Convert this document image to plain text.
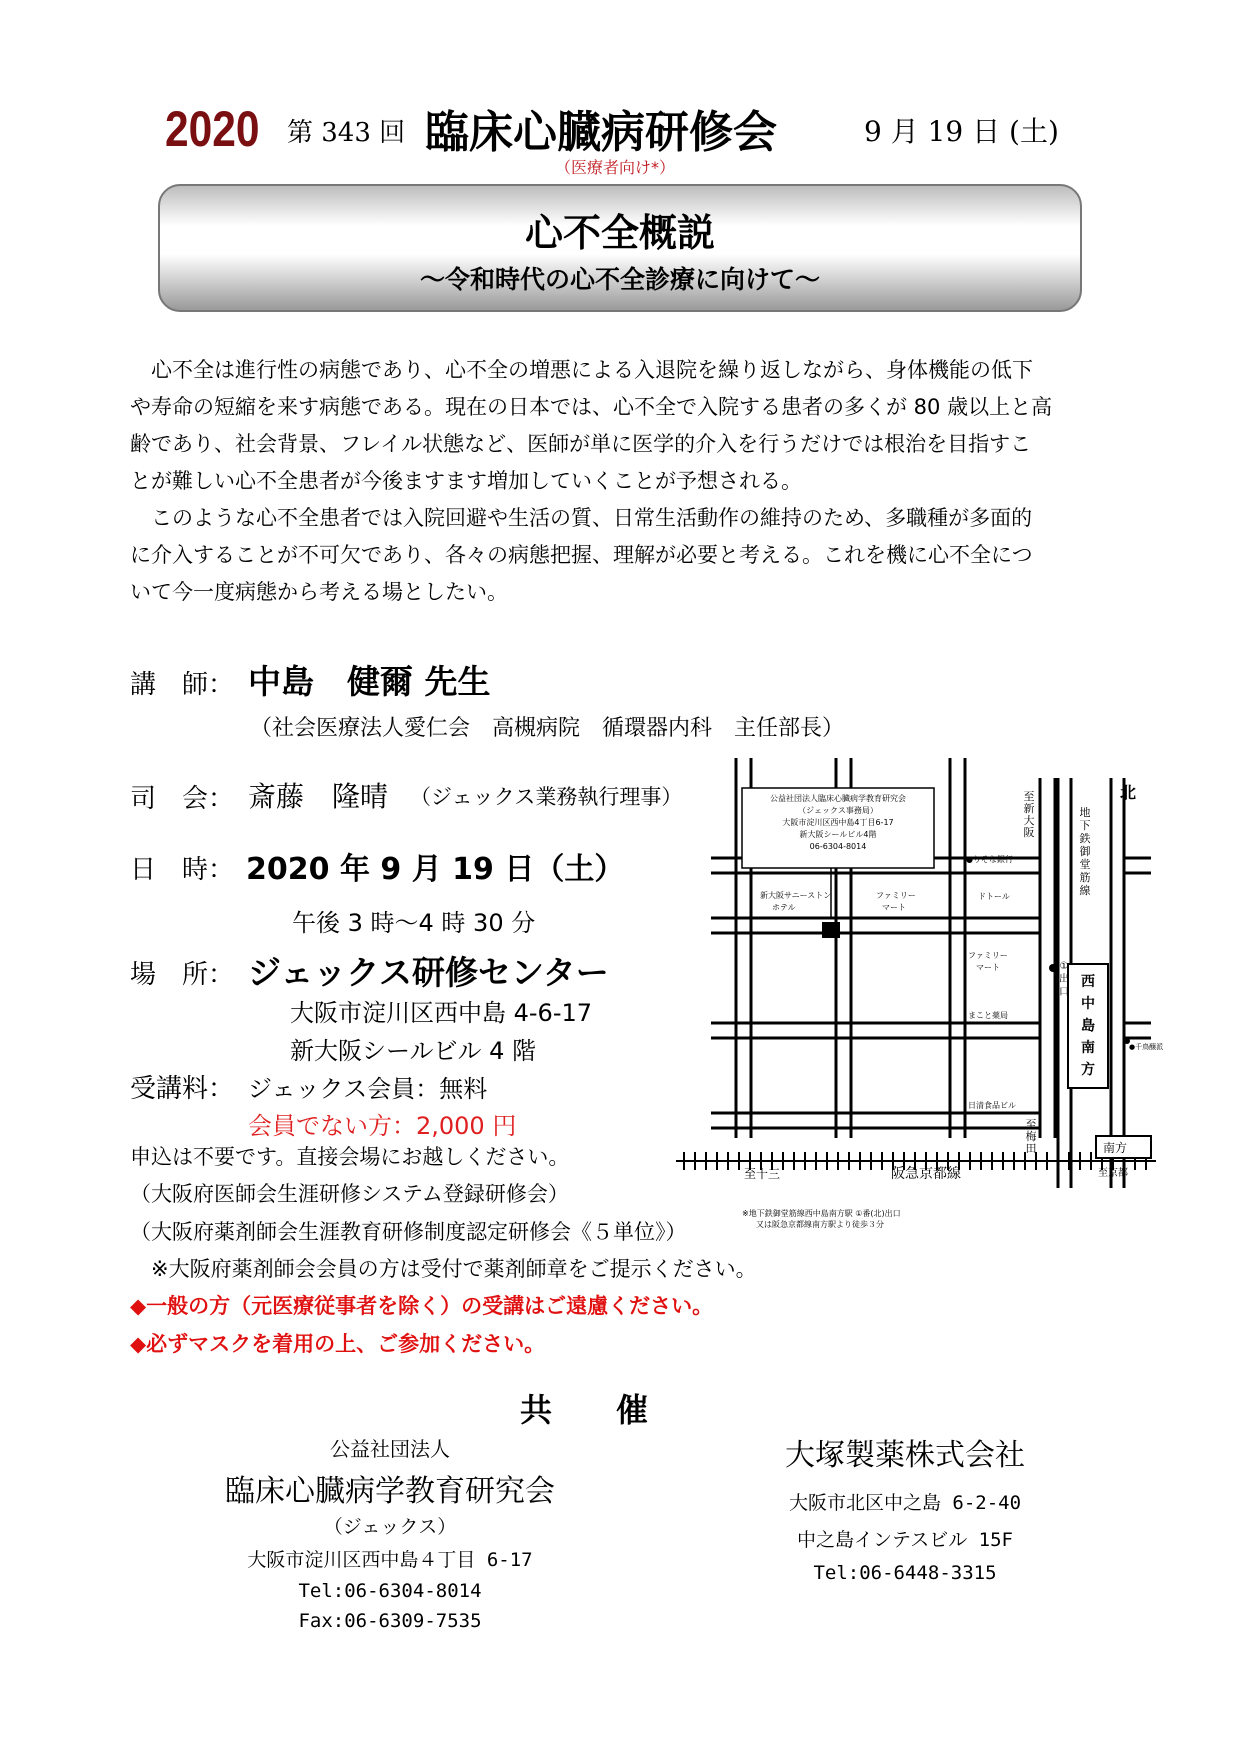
2020 第 343 回 臨床心臓病研修会	9 月 19 日 (土)
（医療者向け*）
心不全概説
～令和時代の心不全診療に向けて～
　心不全は進行性の病態であり、心不全の増悪による入退院を繰り返しながら、身体機能の低下
や寿命の短縮を来す病態である。現在の日本では、心不全で入院する患者の多くが 80 歳以上と高
齢であり、社会背景、フレイル状態など、医師が単に医学的介入を行うだけでは根治を目指すこ
とが難しい心不全患者が今後ますます増加していくことが予想される。
　このような心不全患者では入院回避や生活の質、日常生活動作の維持のため、多職種が多面的
に介入することが不可欠であり、各々の病態把握、理解が必要と考える。これを機に心不全につ
いて今一度病態から考える場としたい。
講　師： 中島　健爾 先生
（社会医療法人愛仁会　高槻病院　循環器内科　主任部長）
司　会： 斎藤　隆晴 （ジェックス業務執行理事）
日　時： 2020 年 9 月 19 日（土）
午後 3 時～4 時 30 分
場　所： ジェックス研修センター
大阪市淀川区西中島 4-6-17
新大阪シールビル 4 階
受講料： ジェックス会員：無料
会員でない方：2,000 円
申込は不要です。直接会場にお越しください。
（大阪府医師会生涯研修システム登録研修会）
（大阪府薬剤師会生涯教育研修制度認定研修会《５単位》）
　※大阪府薬剤師会会員の方は受付で薬剤師章をご提示ください。
◆一般の方（元医療従事者を除く）の受講はご遠慮ください。
◆必ずマスクを着用の上、ご参加ください。
公益社団法人臨床心臓病学教育研究会
（ジェックス事務局）
大阪市淀川区西中島4丁目6-17
新大阪シールビル4階
06-6304-8014
●りそな銀行
ドトール
新大阪サニーストン
ホテル
ファミリー
マート
ファミリー
マート
まこと薬局
日清食品ビル
●千鳥醸派
※地下鉄御堂筋線西中島南方駅 ①番(北)出口
又は阪急京都線南方駅より徒歩３分
至十三	阪急京都線
南方
至京都
北
至
新
大
阪
地
下
鉄
御
堂
筋
線
①
出
口
至
梅
田
西
中
島
南
方
共　　催
公益社団法人
臨床心臓病学教育研究会
（ジェックス）
大阪市淀川区西中島４丁目 6-17
Tel:06-6304-8014
Fax:06-6309-7535
大塚製薬株式会社
大阪市北区中之島 6-2-40
中之島インテスビル 15F
Tel:06-6448-3315
